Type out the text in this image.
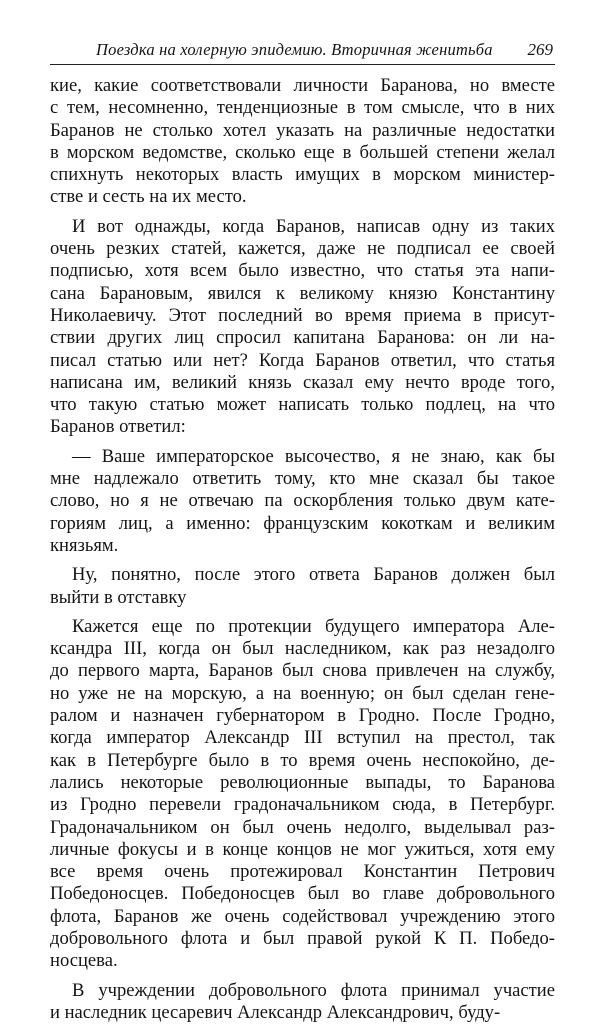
Поездка на холерную эпидемию. Вторичная женитьба 269
кие, какие соответствовали личности Баранова, но вместе
с тем, несомненно, тенденциозные в том смысле, что в них
Баранов не столько хотел указать на различные недостатки
в морском ведомстве, сколько еще в большей степени желал
спихнуть некоторых власть имущих в морском министер-
стве и сесть на их место.
И вот однажды, когда Баранов, написав одну из таких
очень резких статей, кажется, даже не подписал ее своей
подписью, хотя всем было известно, что статья эта напи-
сана Барановым, явился к великому князю Константину
Николаевичу. Этот последний во время приема в присут-
ствии других лиц спросил капитана Баранова: он ли на-
писал статью или нет? Когда Баранов ответил, что статья
написана им, великий князь сказал ему нечто вроде того,
что такую статью может написать только подлец, на что
Баранов ответил:
— Ваше императорское высочество, я не знаю, как бы
мне надлежало ответить тому, кто мне сказал бы такое
слово, но я не отвечаю па оскорбления только двум кате-
гориям лиц, а именно: французским кокоткам и великим
князьям.
Ну, понятно, после этого ответа Баранов должен был
выйти в отставку
Кажется еще по протекции будущего императора Але-
ксандра III, когда он был наследником, как раз незадолго
до первого марта, Баранов был снова привлечен на службу,
но уже не на морскую, а на военную; он был сделан гене-
ралом и назначен губернатором в Гродно. После Гродно,
когда император Александр III вступил на престол, так
как в Петербурге было в то время очень неспокойно, де-
лались некоторые революционные выпады, то Баранова
из Гродно перевели градоначальником сюда, в Петербург.
Градоначальником он был очень недолго, выделывал раз-
личные фокусы и в конце концов не мог ужиться, хотя ему
все время очень протежировал Константин Петрович
Победоносцев. Победоносцев был во главе добровольного
флота, Баранов же очень содействовал учреждению этого
добровольного флота и был правой рукой К П. Победо-
носцева.
В учреждении добровольного флота принимал участие
и наследник цесаревич Александр Александрович, буду-
